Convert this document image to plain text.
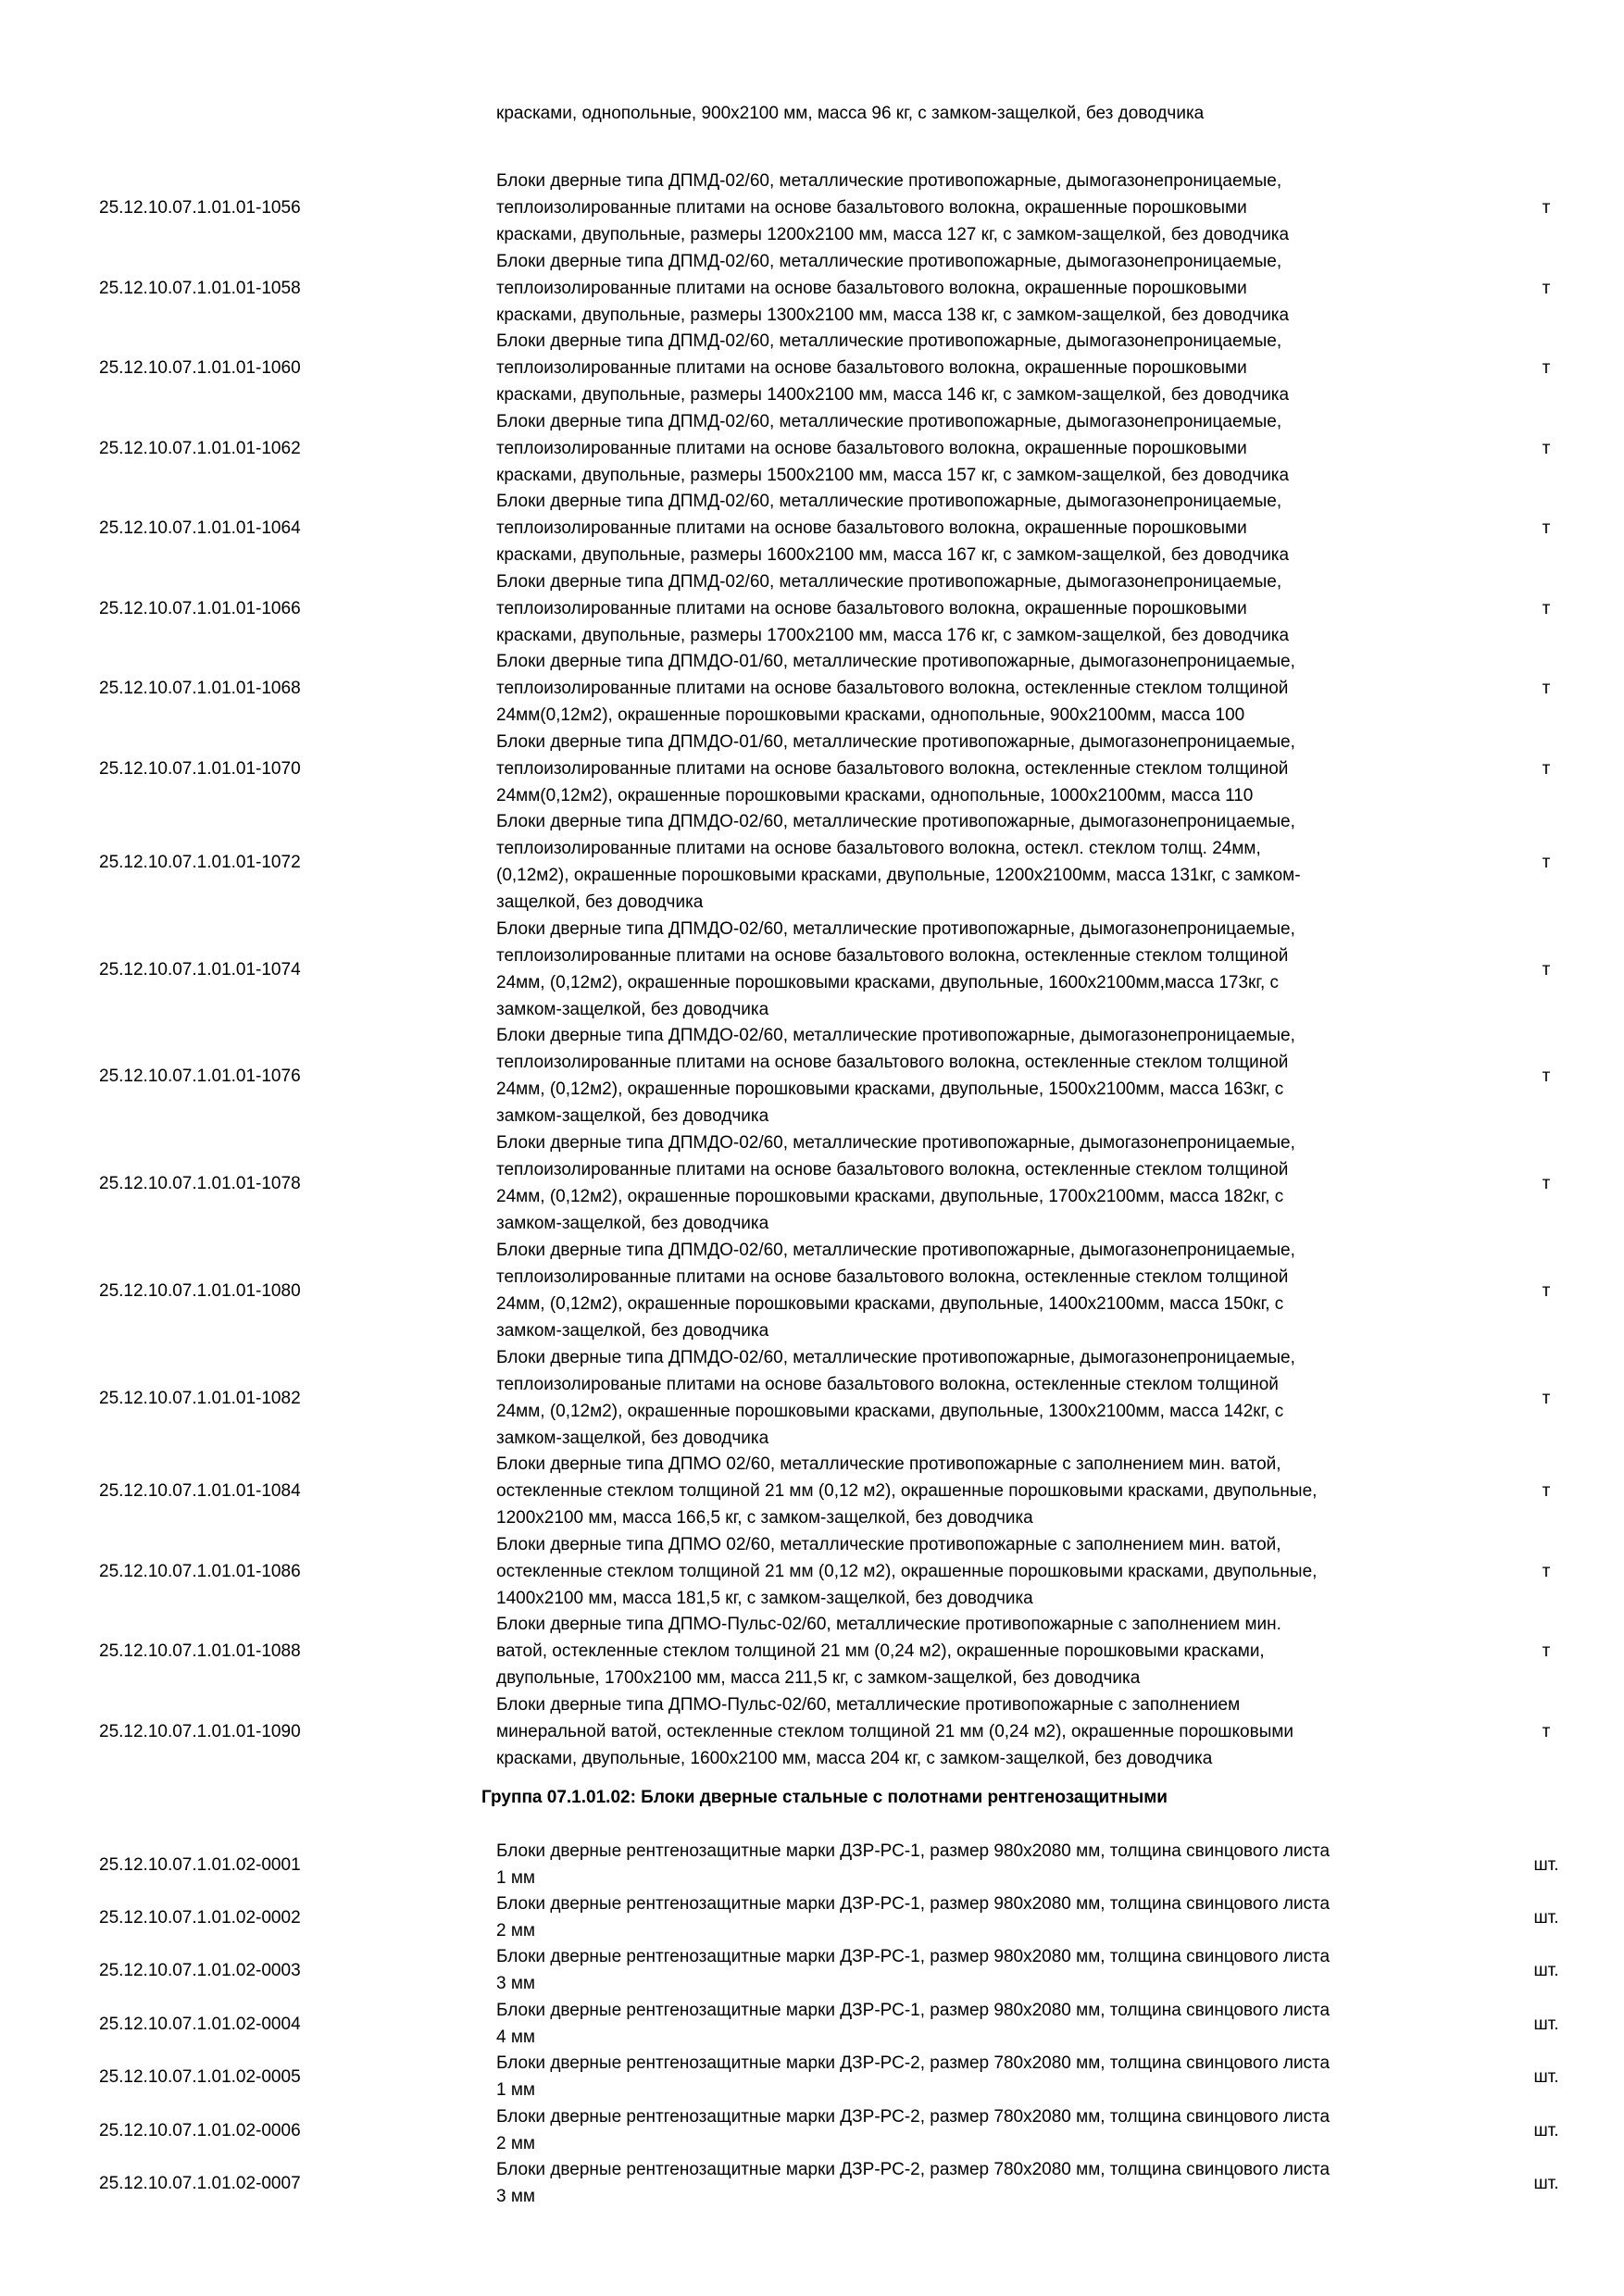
красками, однопольные, 900x2100 мм, масса 96 кг, с замком-защелкой, без доводчика
25.12.10.07.1.01.01-1056
Блоки дверные типа ДПМД-02/60, металлические противопожарные, дымогазонепроницаемые,
теплоизолированные плитами на основе базальтового волокна, окрашенные порошковыми
красками, двупольные, размеры 1200x2100 мм, масса 127 кг, с замком-защелкой, без доводчика
т
25.12.10.07.1.01.01-1058
Блоки дверные типа ДПМД-02/60, металлические противопожарные, дымогазонепроницаемые,
теплоизолированные плитами на основе базальтового волокна, окрашенные порошковыми
красками, двупольные, размеры 1300x2100 мм, масса 138 кг, с замком-защелкой, без доводчика
т
25.12.10.07.1.01.01-1060
Блоки дверные типа ДПМД-02/60, металлические противопожарные, дымогазонепроницаемые,
теплоизолированные плитами на основе базальтового волокна, окрашенные порошковыми
красками, двупольные, размеры 1400x2100 мм, масса 146 кг, с замком-защелкой, без доводчика
т
25.12.10.07.1.01.01-1062
Блоки дверные типа ДПМД-02/60, металлические противопожарные, дымогазонепроницаемые,
теплоизолированные плитами на основе базальтового волокна, окрашенные порошковыми
красками, двупольные, размеры 1500x2100 мм, масса 157 кг, с замком-защелкой, без доводчика
т
25.12.10.07.1.01.01-1064
Блоки дверные типа ДПМД-02/60, металлические противопожарные, дымогазонепроницаемые,
теплоизолированные плитами на основе базальтового волокна, окрашенные порошковыми
красками, двупольные, размеры 1600x2100 мм, масса 167 кг, с замком-защелкой, без доводчика
т
25.12.10.07.1.01.01-1066
Блоки дверные типа ДПМД-02/60, металлические противопожарные, дымогазонепроницаемые,
теплоизолированные плитами на основе базальтового волокна, окрашенные порошковыми
красками, двупольные, размеры 1700x2100 мм, масса 176 кг, с замком-защелкой, без доводчика
т
25.12.10.07.1.01.01-1068
Блоки дверные типа ДПМДО-01/60, металлические противопожарные, дымогазонепроницаемые,
теплоизолированные плитами на основе базальтового волокна, остекленные стеклом толщиной
24мм(0,12м2), окрашенные порошковыми красками, однопольные, 900x2100мм, масса 100
т
25.12.10.07.1.01.01-1070
Блоки дверные типа ДПМДО-01/60, металлические противопожарные, дымогазонепроницаемые,
теплоизолированные плитами на основе базальтового волокна, остекленные стеклом толщиной
24мм(0,12м2), окрашенные порошковыми красками, однопольные, 1000x2100мм, масса 110
т
25.12.10.07.1.01.01-1072
Блоки дверные типа ДПМДО-02/60, металлические противопожарные, дымогазонепроницаемые,
теплоизолированные плитами на основе базальтового волокна, остекл. стеклом толщ. 24мм,
(0,12м2), окрашенные порошковыми красками, двупольные, 1200x2100мм, масса 131кг, с замком-
защелкой, без доводчика
т
25.12.10.07.1.01.01-1074
Блоки дверные типа ДПМДО-02/60, металлические противопожарные, дымогазонепроницаемые,
теплоизолированные плитами на основе базальтового волокна, остекленные стеклом толщиной
24мм, (0,12м2), окрашенные порошковыми красками, двупольные, 1600x2100мм,масса 173кг, с
замком-защелкой, без доводчика
т
25.12.10.07.1.01.01-1076
Блоки дверные типа ДПМДО-02/60, металлические противопожарные, дымогазонепроницаемые,
теплоизолированные плитами на основе базальтового волокна, остекленные стеклом толщиной
24мм, (0,12м2), окрашенные порошковыми красками, двупольные, 1500x2100мм, масса 163кг, с
замком-защелкой, без доводчика
т
25.12.10.07.1.01.01-1078
Блоки дверные типа ДПМДО-02/60, металлические противопожарные, дымогазонепроницаемые,
теплоизолированные плитами на основе базальтового волокна, остекленные стеклом толщиной
24мм, (0,12м2), окрашенные порошковыми красками, двупольные, 1700x2100мм, масса 182кг, с
замком-защелкой, без доводчика
т
25.12.10.07.1.01.01-1080
Блоки дверные типа ДПМДО-02/60, металлические противопожарные, дымогазонепроницаемые,
теплоизолированные плитами на основе базальтового волокна, остекленные стеклом толщиной
24мм, (0,12м2), окрашенные порошковыми красками, двупольные, 1400x2100мм, масса 150кг, с
замком-защелкой, без доводчика
т
25.12.10.07.1.01.01-1082
Блоки дверные типа ДПМДО-02/60, металлические противопожарные, дымогазонепроницаемые,
теплоизолированые плитами на основе базальтового волокна, остекленные стеклом толщиной
24мм, (0,12м2), окрашенные порошковыми красками, двупольные, 1300x2100мм, масса 142кг, с
замком-защелкой, без доводчика
т
25.12.10.07.1.01.01-1084
Блоки дверные типа ДПМО 02/60, металлические противопожарные с заполнением мин. ватой,
остекленные стеклом толщиной 21 мм (0,12 м2), окрашенные порошковыми красками, двупольные,
1200x2100 мм, масса 166,5 кг, с замком-защелкой, без доводчика
т
25.12.10.07.1.01.01-1086
Блоки дверные типа ДПМО 02/60, металлические противопожарные с заполнением мин. ватой,
остекленные стеклом толщиной 21 мм (0,12 м2), окрашенные порошковыми красками, двупольные,
1400x2100 мм, масса 181,5 кг, с замком-защелкой, без доводчика
т
25.12.10.07.1.01.01-1088
Блоки дверные типа ДПМО-Пульс-02/60, металлические противопожарные с заполнением мин.
ватой, остекленные стеклом толщиной 21 мм (0,24 м2), окрашенные порошковыми красками,
двупольные, 1700x2100 мм, масса 211,5 кг, с замком-защелкой, без доводчика
т
25.12.10.07.1.01.01-1090
Блоки дверные типа ДПМО-Пульс-02/60, металлические противопожарные с заполнением
минеральной ватой, остекленные стеклом толщиной 21 мм (0,24 м2), окрашенные порошковыми
красками, двупольные, 1600x2100 мм, масса 204 кг, с замком-защелкой, без доводчика
т
25.12.10.07.1.01.02-0001
Блоки дверные рентгенозащитные марки ДЗР-РС-1, размер 980x2080 мм, толщина свинцового листа
1 мм
шт.
25.12.10.07.1.01.02-0002
Блоки дверные рентгенозащитные марки ДЗР-РС-1, размер 980x2080 мм, толщина свинцового листа
2 мм
шт.
25.12.10.07.1.01.02-0003
Блоки дверные рентгенозащитные марки ДЗР-РС-1, размер 980x2080 мм, толщина свинцового листа
3 мм
шт.
25.12.10.07.1.01.02-0004
Блоки дверные рентгенозащитные марки ДЗР-РС-1, размер 980x2080 мм, толщина свинцового листа
4 мм
шт.
25.12.10.07.1.01.02-0005
Блоки дверные рентгенозащитные марки ДЗР-РС-2, размер 780x2080 мм, толщина свинцового листа
1 мм
шт.
25.12.10.07.1.01.02-0006
Блоки дверные рентгенозащитные марки ДЗР-РС-2, размер 780x2080 мм, толщина свинцового листа
2 мм
шт.
25.12.10.07.1.01.02-0007
Блоки дверные рентгенозащитные марки ДЗР-РС-2, размер 780x2080 мм, толщина свинцового листа
3 мм
шт.
Группа 07.1.01.02: Блоки дверные стальные с полотнами рентгенозащитными
